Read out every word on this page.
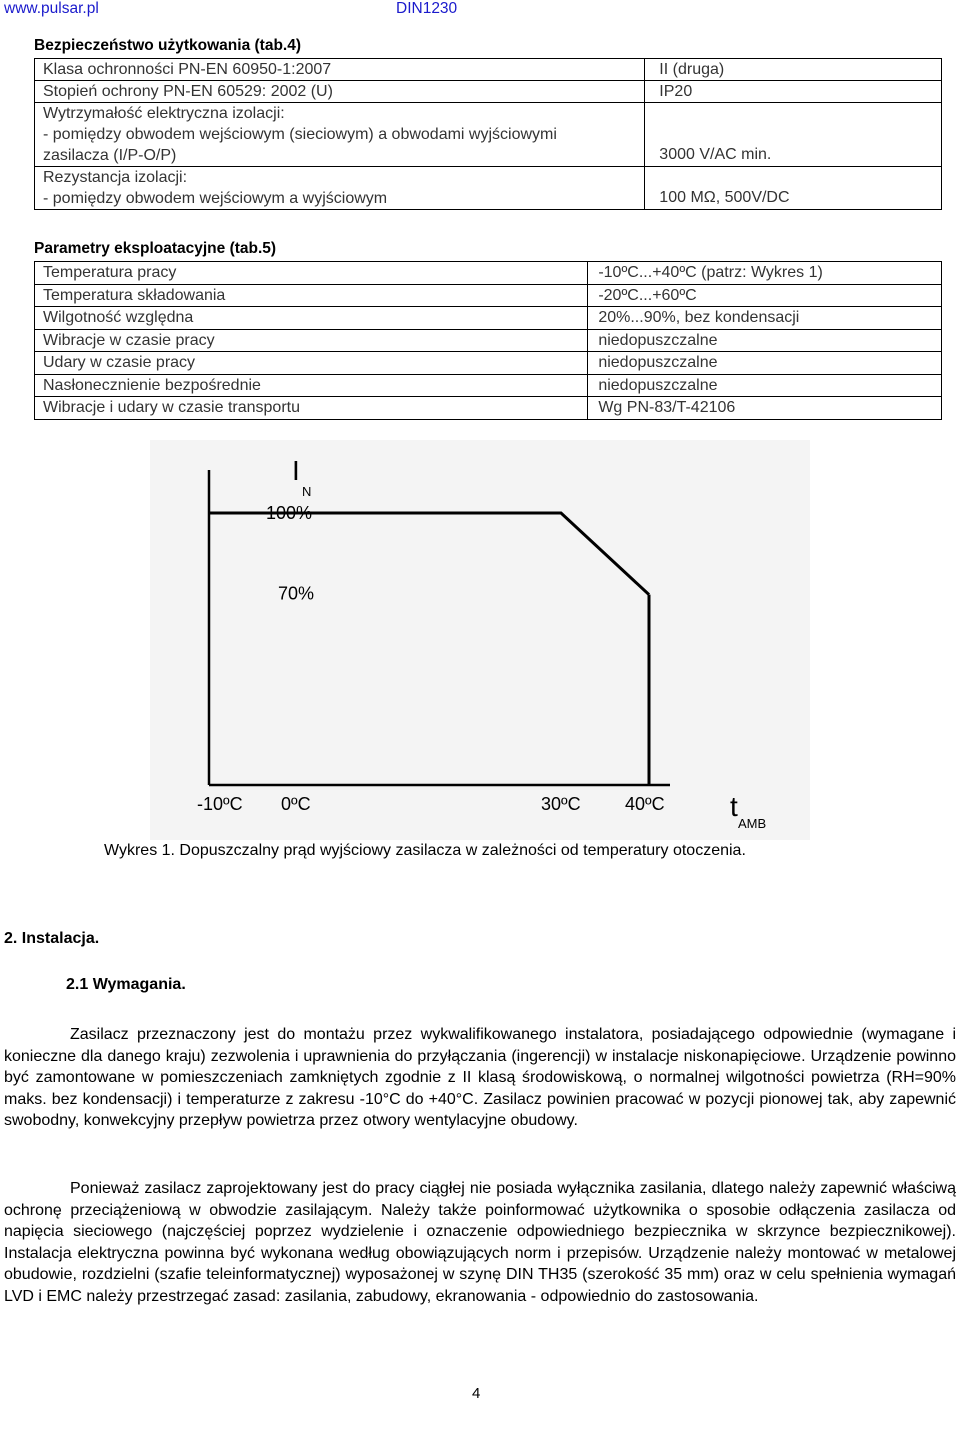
www.pulsar.pl	DIN1230
Bezpieczeństwo użytkowania (tab.4)
Klasa ochronności PN-EN 60950-1:2007	II (druga)

Stopień ochrony PN-EN 60529: 2002 (U)	IP20

Wytrzymałość elektryczna izolacji:
- pomiędzy obwodem wejściowym (sieciowym) a obwodami wyjściowymi
zasilacza (I/P-O/P)	3000 V/AC min.

Rezystancja izolacji:
- pomiędzy obwodem wejściowym a wyjściowym	100 MΩ, 500V/DC
Parametry eksploatacyjne (tab.5)
Temperatura pracy	-10ºC...+40ºC (patrz: Wykres 1)
Temperatura składowania	-20ºC...+60ºC
Wilgotność względna	20%...90%, bez kondensacji
Wibracje w czasie pracy	niedopuszczalne
Udary w czasie pracy	niedopuszczalne
Nasłonecznienie bezpośrednie	niedopuszczalne
Wibracje i udary w czasie transportu	Wg PN-83/T-42106
I
N
100%
70%
-10ºC 0ºC	30ºC 40ºC t
AMB
Wykres 1. Dopuszczalny prąd wyjściowy zasilacza w zależności od temperatury otoczenia.
2. Instalacja.
2.1 Wymagania.
Zasilacz przeznaczony jest do montażu przez wykwalifikowanego instalatora, posiadającego odpowiednie (wymagane i konieczne dla danego kraju) zezwolenia i uprawnienia do przyłączania (ingerencji) w instalacje niskonapięciowe. Urządzenie powinno być zamontowane w pomieszczeniach zamkniętych zgodnie z II klasą środowiskową, o normalnej wilgotności powietrza (RH=90% maks. bez kondensacji) i temperaturze z zakresu -10°C do +40°C. Zasilacz powinien pracować w pozycji pionowej tak, aby zapewnić swobodny, konwekcyjny przepływ powietrza przez otwory wentylacyjne obudowy.
Ponieważ zasilacz zaprojektowany jest do pracy ciągłej nie posiada wyłącznika zasilania, dlatego należy zapewnić właściwą ochronę przeciążeniową w obwodzie zasilającym. Należy także poinformować użytkownika o sposobie odłączenia zasilacza od napięcia sieciowego (najczęściej poprzez wydzielenie i oznaczenie odpowiedniego bezpiecznika w skrzynce bezpiecznikowej). Instalacja elektryczna powinna być wykonana według obowiązujących norm i przepisów. Urządzenie należy montować w metalowej obudowie, rozdzielni (szafie teleinformatycznej) wyposażonej w szynę DIN TH35 (szerokość 35 mm) oraz w celu spełnienia wymagań LVD i EMC należy przestrzegać zasad: zasilania, zabudowy, ekranowania - odpowiednio do zastosowania.
4
